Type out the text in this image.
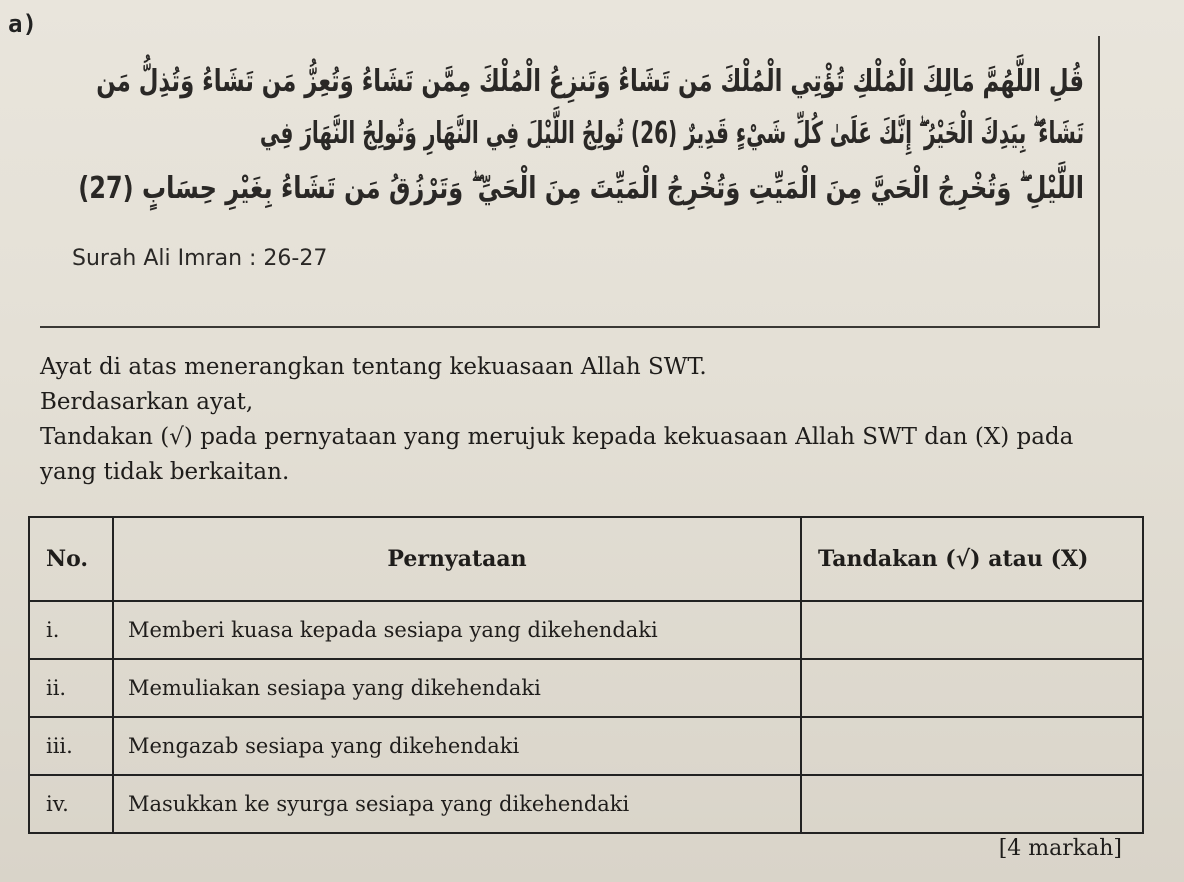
a)
قُلِ اللَّهُمَّ مَالِكَ الْمُلْكِ تُؤْتِي الْمُلْكَ مَن تَشَاءُ وَتَنزِعُ الْمُلْكَ مِمَّن تَشَاءُ وَتُعِزُّ مَن تَشَاءُ وَتُذِلُّ مَن
تَشَاءُ ۖ بِيَدِكَ الْخَيْرُ ۖ إِنَّكَ عَلَىٰ كُلِّ شَيْءٍ قَدِيرٌ (26) تُولِجُ اللَّيْلَ فِي النَّهَارِ وَتُولِجُ النَّهَارَ فِي
اللَّيْلِ ۖ وَتُخْرِجُ الْحَيَّ مِنَ الْمَيِّتِ وَتُخْرِجُ الْمَيِّتَ مِنَ الْحَيِّ ۖ وَتَرْزُقُ مَن تَشَاءُ بِغَيْرِ حِسَابٍ (27)
Surah Ali Imran : 26-27
Ayat di atas menerangkan tentang kekuasaan Allah SWT.
Berdasarkan ayat,
Tandakan (√) pada pernyataan yang merujuk kepada kekuasaan Allah SWT dan (X) pada
yang tidak berkaitan.
No.	Pernyataan	Tandakan (√) atau (X)
i.	Memberi kuasa kepada sesiapa yang dikehendaki
ii.	Memuliakan sesiapa yang dikehendaki
iii.	Mengazab sesiapa yang dikehendaki
iv.	Masukkan ke syurga sesiapa yang dikehendaki
[4 markah]
